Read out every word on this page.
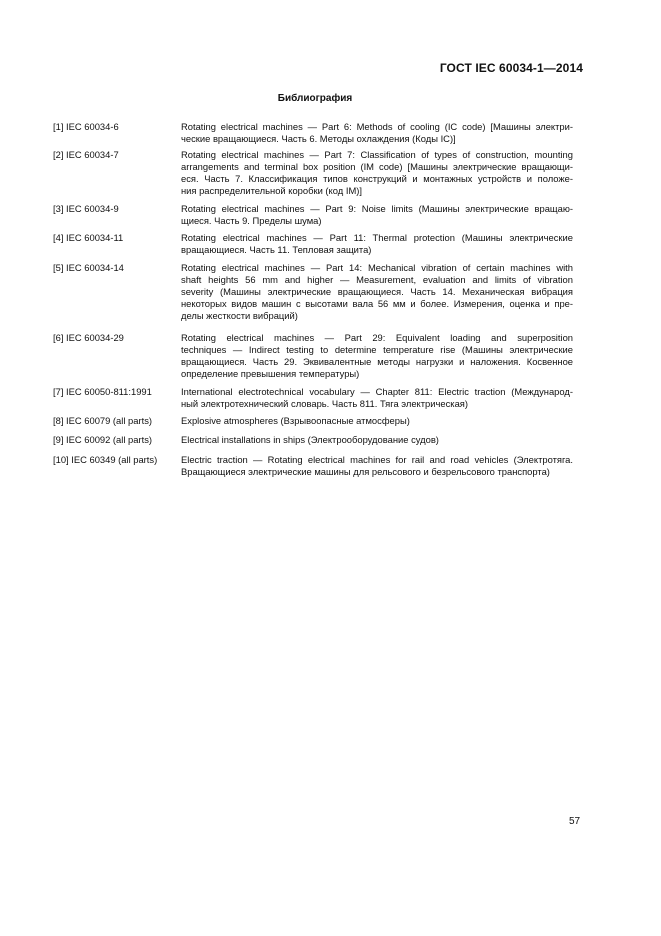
ГОСТ IEC 60034-1—2014
Библиография
[1] IEC 60034-6	Rotating electrical machines — Part 6: Methods of cooling (IC code) [Машины электри-
ческие вращающиеся. Часть 6. Методы охлаждения (Коды IC)]
[2] IEC 60034-7	Rotating electrical machines — Part 7: Classification of types of construction, mounting
arrangements and terminal box position (IM code) [Машины электрические вращающи-
еся. Часть 7. Классификация типов конструкций и монтажных устройств и положе-
ния распределительной коробки (код IM)]
[3] IEC 60034-9	Rotating electrical machines — Part 9: Noise limits (Машины электрические вращаю-
щиеся. Часть 9. Пределы шума)
[4] IEC 60034-11	Rotating electrical machines — Part 11: Thermal protection (Машины электрические
вращающиеся. Часть 11. Тепловая защита)
[5] IEC 60034-14	Rotating electrical machines — Part 14: Mechanical vibration of certain machines with
shaft heights 56 mm and higher — Measurement, evaluation and limits of vibration
severity (Машины электрические вращающиеся. Часть 14. Механическая вибрация
некоторых видов машин с высотами вала 56 мм и более. Измерения, оценка и пре-
делы жесткости вибраций)
[6] IEC 60034-29	Rotating electrical machines — Part 29: Equivalent loading and superposition
techniques — Indirect testing to determine temperature rise (Машины электрические
вращающиеся. Часть 29. Эквивалентные методы нагрузки и наложения. Косвенное
определение превышения температуры)
[7] IEC 60050-811:1991	International electrotechnical vocabulary — Chapter 811: Electric traction (Международ-
ный электротехнический словарь. Часть 811. Тяга электрическая)
[8] IEC 60079 (all parts)	Explosive atmospheres (Взрывоопасные атмосферы)
[9] IEC 60092 (all parts)	Electrical installations in ships (Электрооборудование судов)
[10] IEC 60349 (all parts)	Electric traction — Rotating electrical machines for rail and road vehicles (Электротяга.
Вращающиеся электрические машины для рельсового и безрельсового транспорта)
57
